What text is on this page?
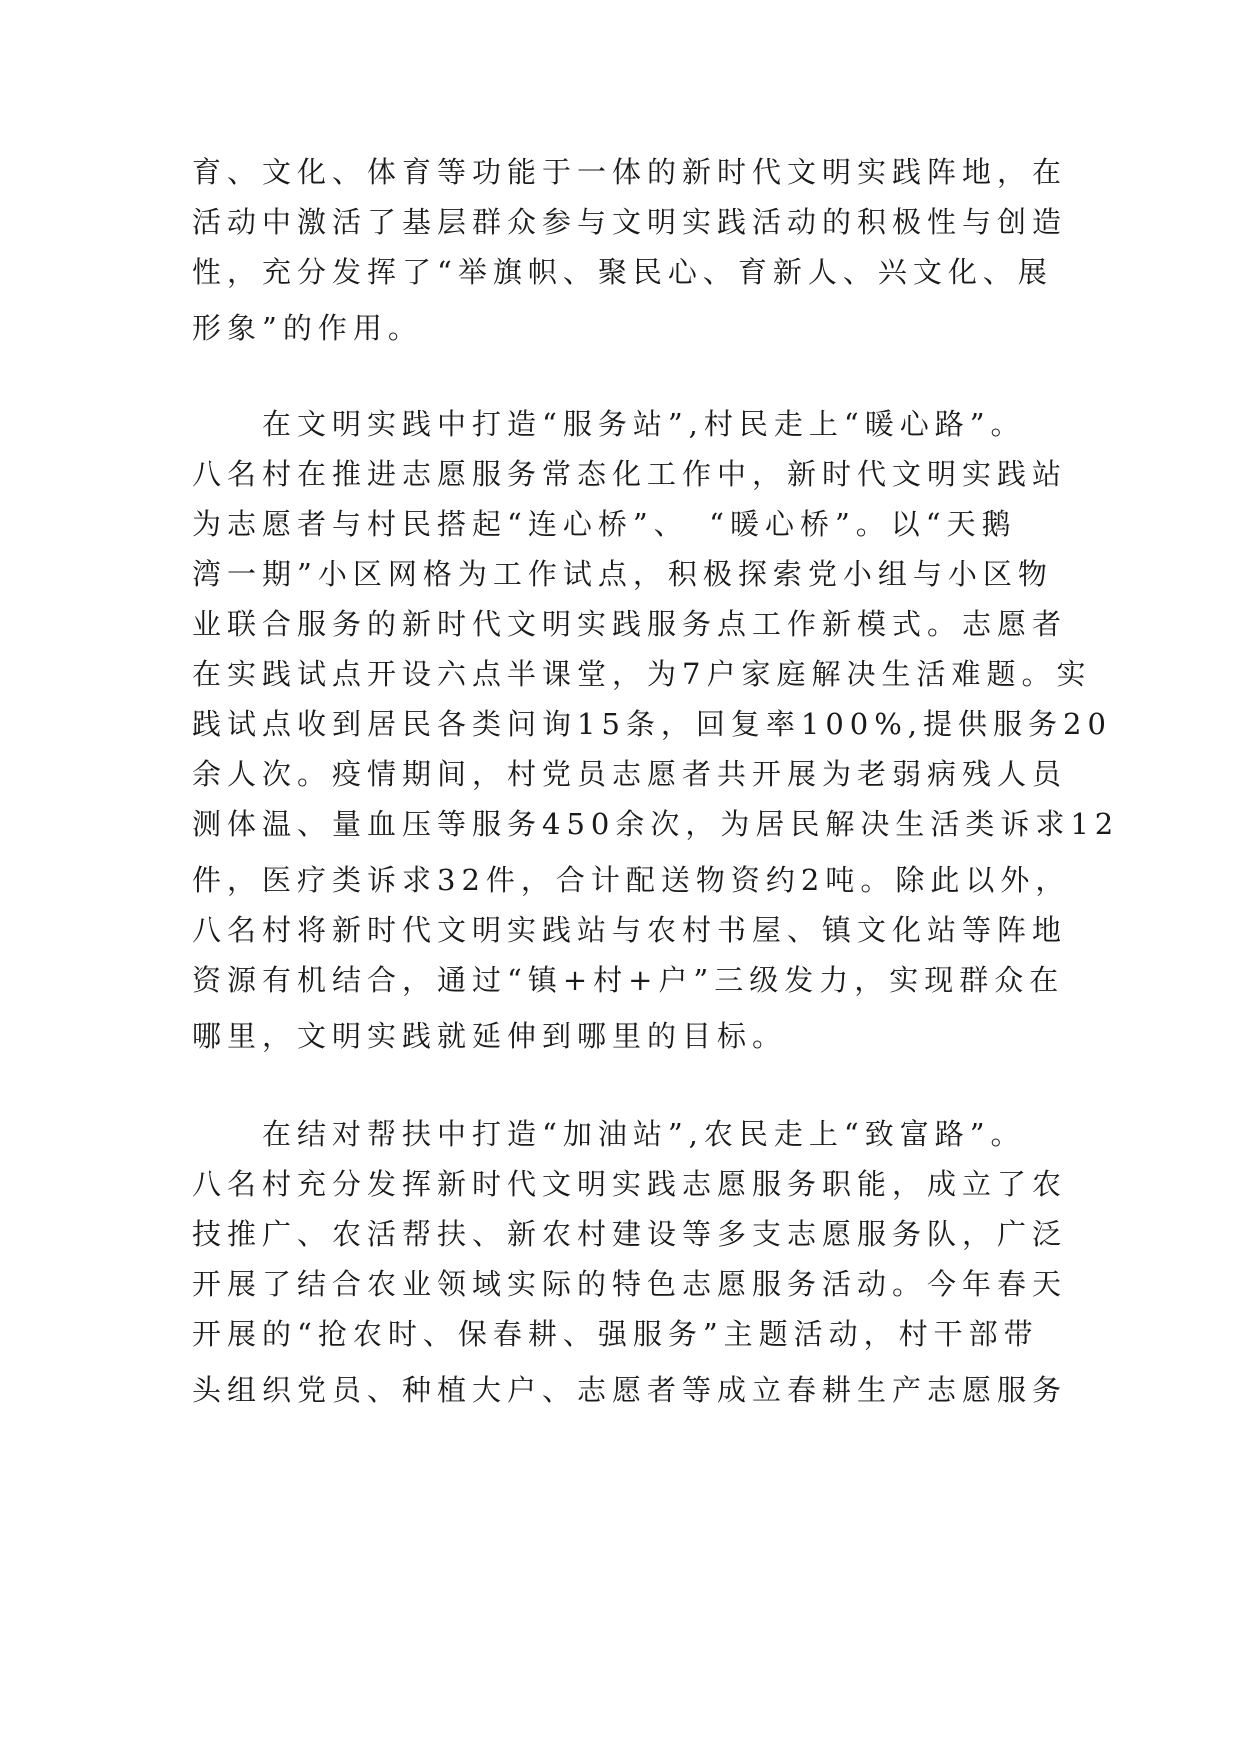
育、文化、体育等功能于一体的新时代文明实践阵地，在
活动中激活了基层群众参与文明实践活动的积极性与创造
性，充分发挥了“举旗帜、聚民心、育新人、兴文化、展
形象”的作用。
　　在文明实践中打造“服务站”,村民走上“暖心路”。
八名村在推进志愿服务常态化工作中，新时代文明实践站
为志愿者与村民搭起“连心桥”、　“暖心桥”。以“天鹅
湾一期”小区网格为工作试点，积极探索党小组与小区物
业联合服务的新时代文明实践服务点工作新模式。志愿者
在实践试点开设六点半课堂，为7户家庭解决生活难题。实
践试点收到居民各类问询15条，回复率100%,提供服务20
余人次。疫情期间，村党员志愿者共开展为老弱病残人员
测体温、量血压等服务450余次，为居民解决生活类诉求12
件，医疗类诉求32件，合计配送物资约2吨。除此以外，
八名村将新时代文明实践站与农村书屋、镇文化站等阵地
资源有机结合，通过“镇+村+户”三级发力，实现群众在
哪里，文明实践就延伸到哪里的目标。
　　在结对帮扶中打造“加油站”,农民走上“致富路”。
八名村充分发挥新时代文明实践志愿服务职能，成立了农
技推广、农活帮扶、新农村建设等多支志愿服务队，广泛
开展了结合农业领域实际的特色志愿服务活动。今年春天
开展的“抢农时、保春耕、强服务”主题活动，村干部带
头组织党员、种植大户、志愿者等成立春耕生产志愿服务
